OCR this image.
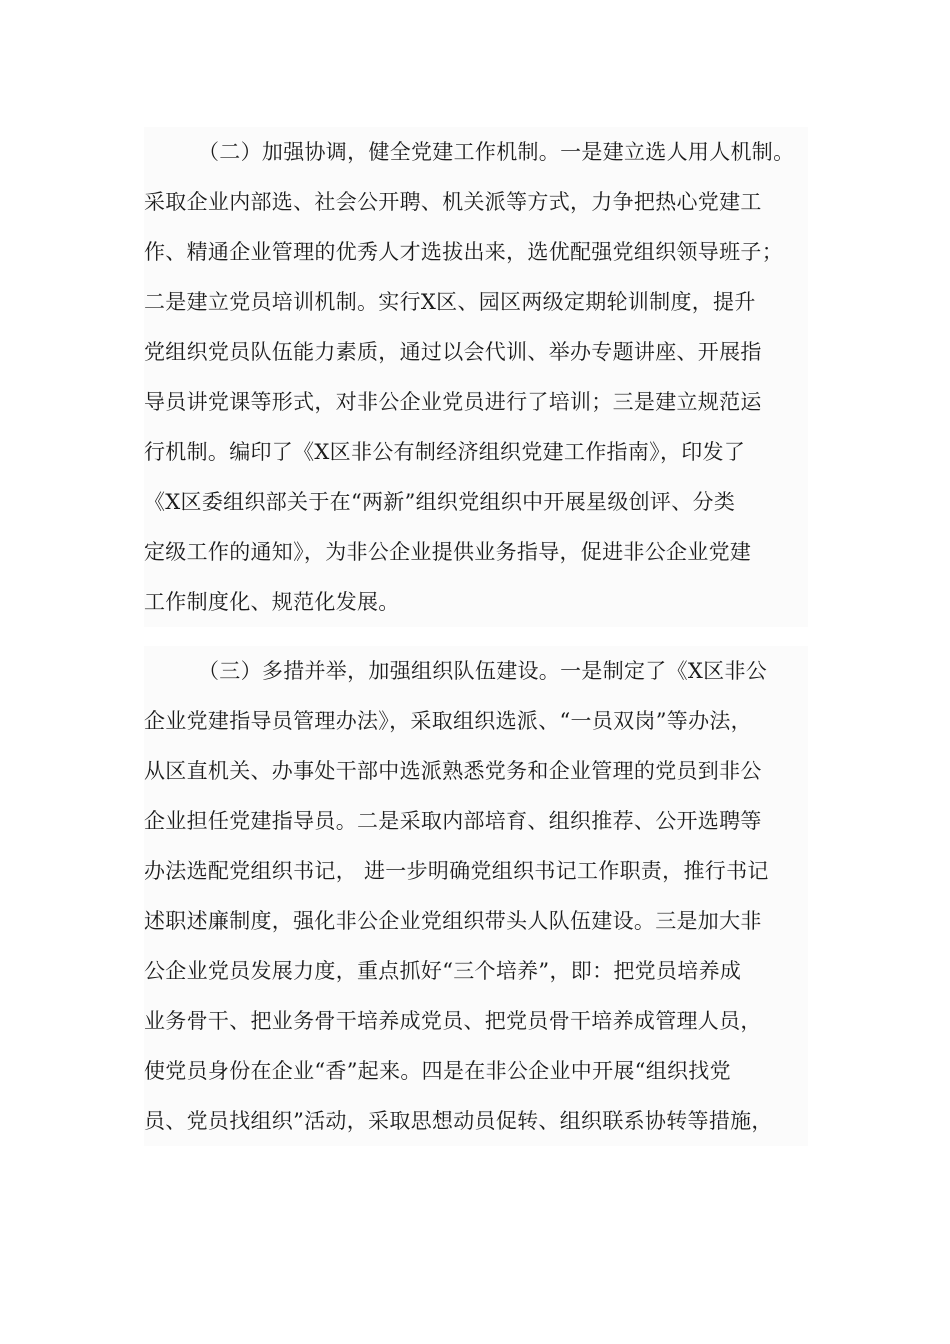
（二）加强协调，健全党建工作机制。一是建立选人用人机制。
采取企业内部选、社会公开聘、机关派等方式，力争把热心党建工
作、精通企业管理的优秀人才选拔出来，选优配强党组织领导班子；
二是建立党员培训机制。实行X区、园区两级定期轮训制度，提升
党组织党员队伍能力素质，通过以会代训、举办专题讲座、开展指
导员讲党课等形式，对非公企业党员进行了培训；三是建立规范运
行机制。编印了《X区非公有制经济组织党建工作指南》，印发了
《X区委组织部关于在“两新”组织党组织中开展星级创评、分类
定级工作的通知》，为非公企业提供业务指导，促进非公企业党建
工作制度化、规范化发展。
（三）多措并举，加强组织队伍建设。一是制定了《X区非公
企业党建指导员管理办法》，采取组织选派、“一员双岗”等办法，
从区直机关、办事处干部中选派熟悉党务和企业管理的党员到非公
企业担任党建指导员。二是采取内部培育、组织推荐、公开选聘等
办法选配党组织书记， 进一步明确党组织书记工作职责，推行书记
述职述廉制度，强化非公企业党组织带头人队伍建设。三是加大非
公企业党员发展力度，重点抓好“三个培养”，即：把党员培养成
业务骨干、把业务骨干培养成党员、把党员骨干培养成管理人员，
使党员身份在企业“香”起来。四是在非公企业中开展“组织找党
员、党员找组织”活动，采取思想动员促转、组织联系协转等措施，
